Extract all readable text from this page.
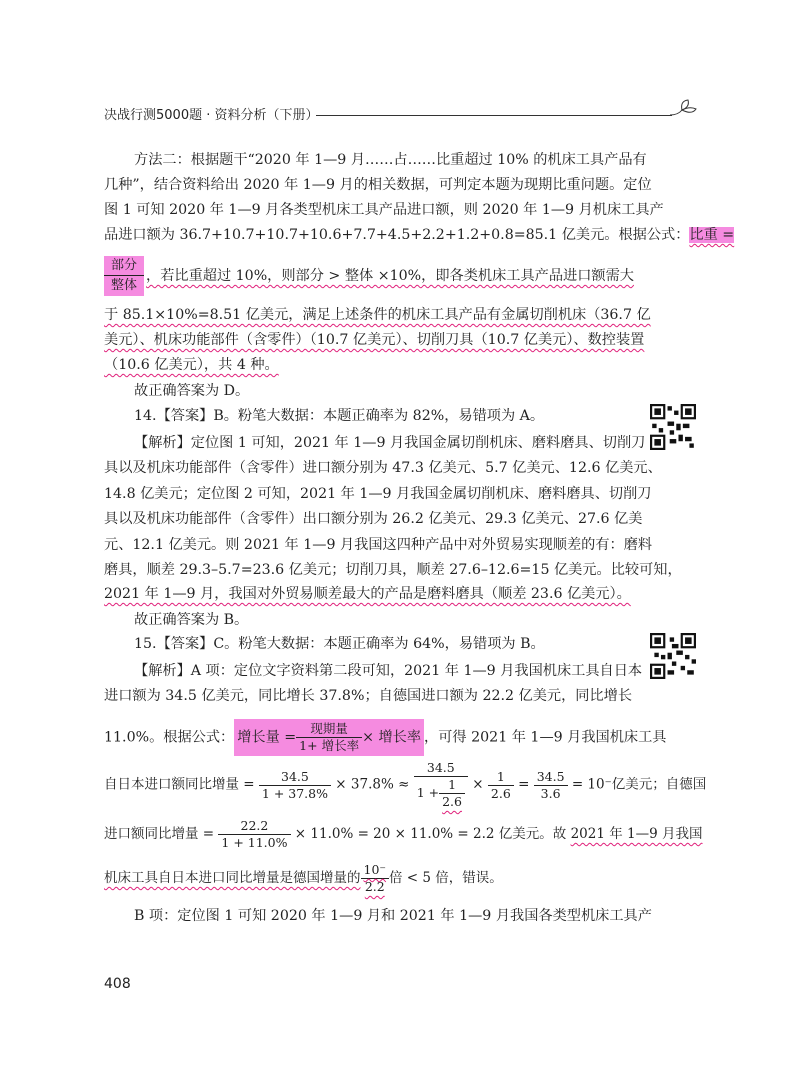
决战行测5000题 · 资料分析（下册）
方法二：根据题干“2020 年 1—9 月……占……比重超过 10% 的机床工具产品有
几种”，结合资料给出 2020 年 1—9 月的相关数据，可判定本题为现期比重问题。定位
图 1 可知 2020 年 1—9 月各类型机床工具产品进口额，则 2020 年 1—9 月机床工具产
品进口额为 36.7+10.7+10.7+10.6+7.7+4.5+2.2+1.2+0.8=85.1 亿美元。根据公式：比重 =
部分
整体
，若比重超过 10%，则部分 > 整体 ×10%，即各类机床工具产品进口额需大
于 85.1×10%=8.51 亿美元，满足上述条件的机床工具产品有金属切削机床（36.7 亿
美元）、机床功能部件（含零件）（10.7 亿美元）、切削刀具（10.7 亿美元）、数控装置
（10.6 亿美元），共 4 种。
故正确答案为 D。
14.【答案】B。粉笔大数据：本题正确率为 82%，易错项为 A。
【解析】定位图 1 可知，2021 年 1—9 月我国金属切削机床、磨料磨具、切削刀
具以及机床功能部件（含零件）进口额分别为 47.3 亿美元、5.7 亿美元、12.6 亿美元、
14.8 亿美元；定位图 2 可知，2021 年 1—9 月我国金属切削机床、磨料磨具、切削刀
具以及机床功能部件（含零件）出口额分别为 26.2 亿美元、29.3 亿美元、27.6 亿美
元、12.1 亿美元。则 2021 年 1—9 月我国这四种产品中对外贸易实现顺差的有：磨料
磨具，顺差 29.3–5.7=23.6 亿美元；切削刀具，顺差 27.6–12.6=15 亿美元。比较可知，
2021 年 1—9 月，我国对外贸易顺差最大的产品是磨料磨具（顺差 23.6 亿美元）。
故正确答案为 B。
15.【答案】C。粉笔大数据：本题正确率为 64%，易错项为 B。
【解析】A 项：定位文字资料第二段可知，2021 年 1—9 月我国机床工具自日本
进口额为 34.5 亿美元，同比增长 37.8%；自德国进口额为 22.2 亿美元，同比增长
11.0%。根据公式： 增长量 = $\frac{\text{现期量}}{\text{1+ 增长率}}$ × 增长率 ，可得 2021 年 1—9 月我国机床工具
自日本进口额同比增量 = $\frac{34.5}{1 + 37.8\%} \times 37.8\% \approx \frac{34.5}{1 + \frac{1}{2.6}} \times \frac{1}{2.6} = \frac{34.5}{3.6} = 10^-$亿美元；自德国
进口额同比增量 = $\frac{22.2}{1 + 11.0\%} \times 11.0\% = 20 \times 11.0\% = 2.2$ 亿美元。故 2021 年 1—9 月我国
机床工具自日本进口同比增量是德国增量的 $\frac{10^-}{2.2}$ 倍 < 5 倍，错误。
B 项：定位图 1 可知 2020 年 1—9 月和 2021 年 1—9 月我国各类型机床工具产
408
